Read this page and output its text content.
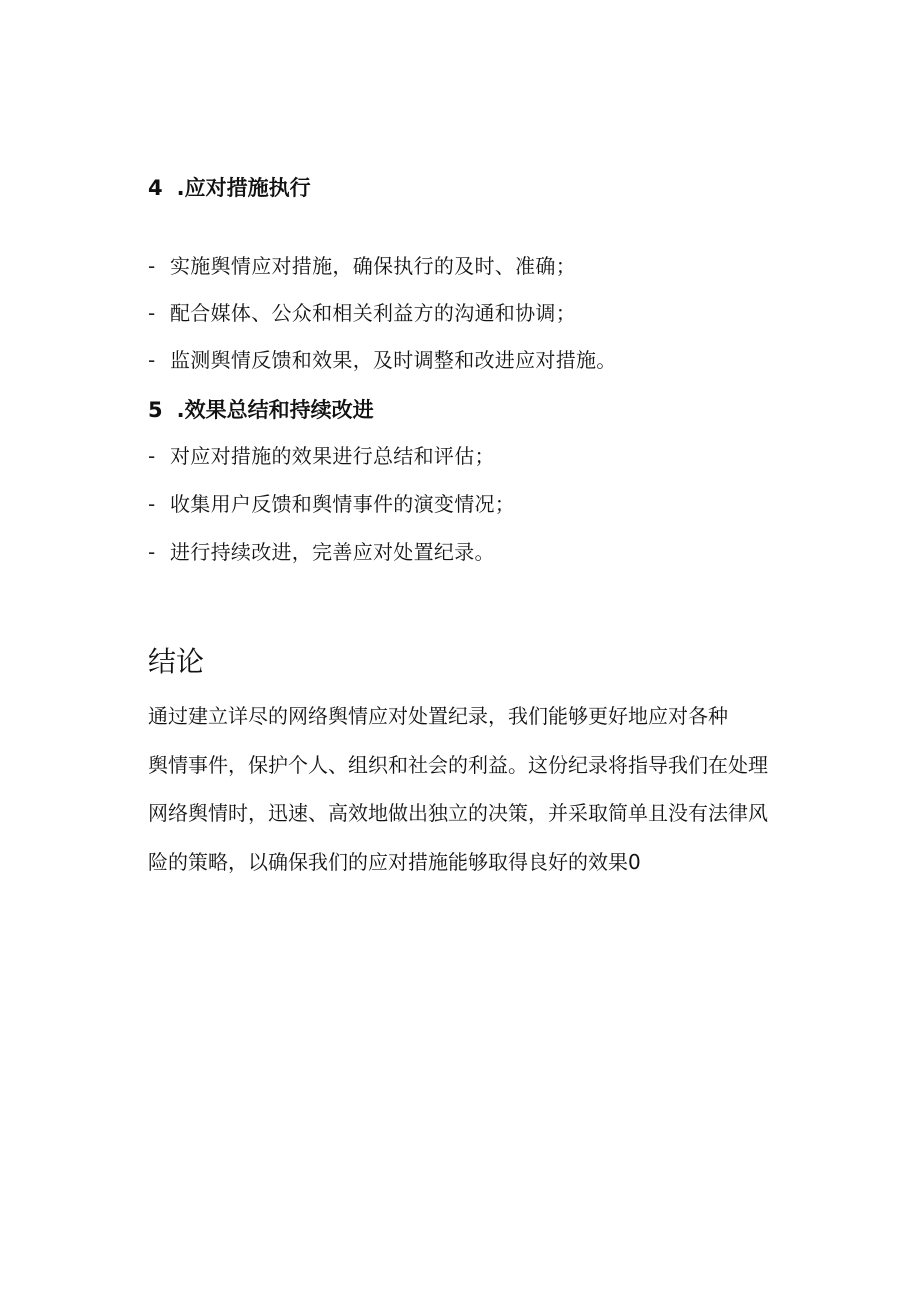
4 .应对措施执行
- 实施舆情应对措施，确保执行的及时、准确；
- 配合媒体、公众和相关利益方的沟通和协调；
- 监测舆情反馈和效果，及时调整和改进应对措施。
5 .效果总结和持续改进
- 对应对措施的效果进行总结和评估；
- 收集用户反馈和舆情事件的演变情况；
- 进行持续改进，完善应对处置纪录。
结论
通过建立详尽的网络舆情应对处置纪录，我们能够更好地应对各种
舆情事件，保护个人、组织和社会的利益。这份纪录将指导我们在处理
网络舆情时，迅速、高效地做出独立的决策，并采取简单且没有法律风
险的策略，以确保我们的应对措施能够取得良好的效果0
